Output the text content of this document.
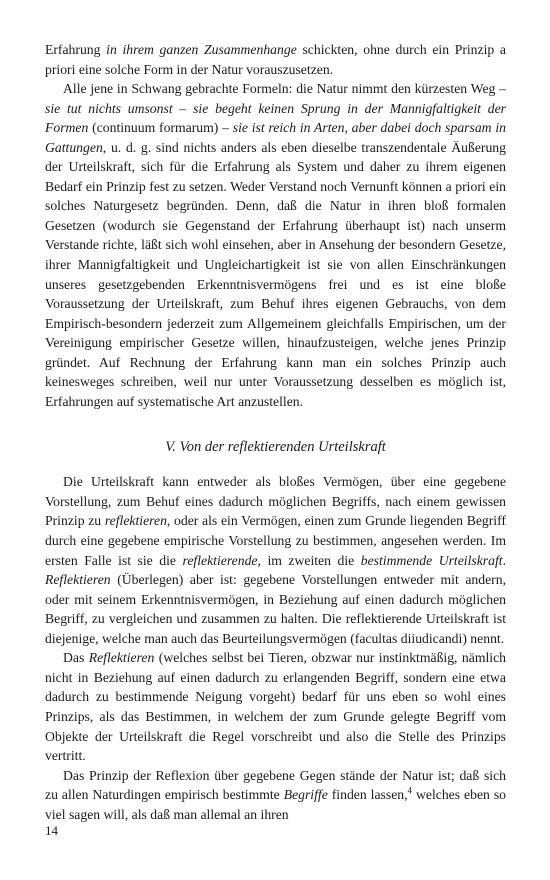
Erfahrung in ihrem ganzen Zusammenhange schickten, ohne durch ein Prinzip a priori eine solche Form in der Natur vorauszusetzen.

Alle jene in Schwang gebrachte Formeln: die Natur nimmt den kürzesten Weg – sie tut nichts umsonst – sie begeht keinen Sprung in der Mannigfaltigkeit der Formen (continuum formarum) – sie ist reich in Arten, aber dabei doch sparsam in Gattungen, u. d. g. sind nichts anders als eben dieselbe transzendentale Äußerung der Urteilskraft, sich für die Erfahrung als System und daher zu ihrem eigenen Bedarf ein Prinzip fest zu setzen. Weder Verstand noch Vernunft können a priori ein solches Naturgesetz begründen. Denn, daß die Natur in ihren bloß formalen Gesetzen (wodurch sie Gegenstand der Erfahrung überhaupt ist) nach unserm Verstande richte, läßt sich wohl einsehen, aber in Ansehung der besondern Gesetze, ihrer Mannigfaltigkeit und Ungleichartigkeit ist sie von allen Einschränkungen unseres gesetzgebenden Erkenntnisvermögens frei und es ist eine bloße Voraussetzung der Urteilskraft, zum Behuf ihres eigenen Gebrauchs, von dem Empirisch-besondern jederzeit zum Allgemeinem gleichfalls Empirischen, um der Vereinigung empirischer Gesetze willen, hinaufzusteigen, welche jenes Prinzip gründet. Auf Rechnung der Erfahrung kann man ein solches Prinzip auch keinesweges schreiben, weil nur unter Voraussetzung desselben es möglich ist, Erfahrungen auf systematische Art anzustellen.

V. Von der reflektierenden Urteilskraft

Die Urteilskraft kann entweder als bloßes Vermögen, über eine gegebene Vorstellung, zum Behuf eines dadurch möglichen Begriffs, nach einem gewissen Prinzip zu reflektieren, oder als ein Vermögen, einen zum Grunde liegenden Begriff durch eine gegebene empirische Vorstellung zu bestimmen, angesehen werden. Im ersten Falle ist sie die reflektierende, im zweiten die bestimmende Urteilskraft. Reflektieren (Überlegen) aber ist: gegebene Vorstellungen entweder mit andern, oder mit seinem Erkenntnisvermögen, in Beziehung auf einen dadurch möglichen Begriff, zu vergleichen und zusammen zu halten. Die reflektierende Urteilskraft ist diejenige, welche man auch das Beurteilungsvermögen (facultas diiudicandi) nennt.

Das Reflektieren (welches selbst bei Tieren, obzwar nur instinktmäßig, nämlich nicht in Beziehung auf einen dadurch zu erlangenden Begriff, sondern eine etwa dadurch zu bestimmende Neigung vorgeht) bedarf für uns eben so wohl eines Prinzips, als das Bestimmen, in welchem der zum Grunde gelegte Begriff vom Objekte der Urteilskraft die Regel vorschreibt und also die Stelle des Prinzips vertritt.

Das Prinzip der Reflexion über gegebene Gegen stände der Natur ist; daß sich zu allen Naturdingen empirisch bestimmte Begriffe finden lassen,$^4$ welches eben so viel sagen will, als daß man allemal an ihren

14
